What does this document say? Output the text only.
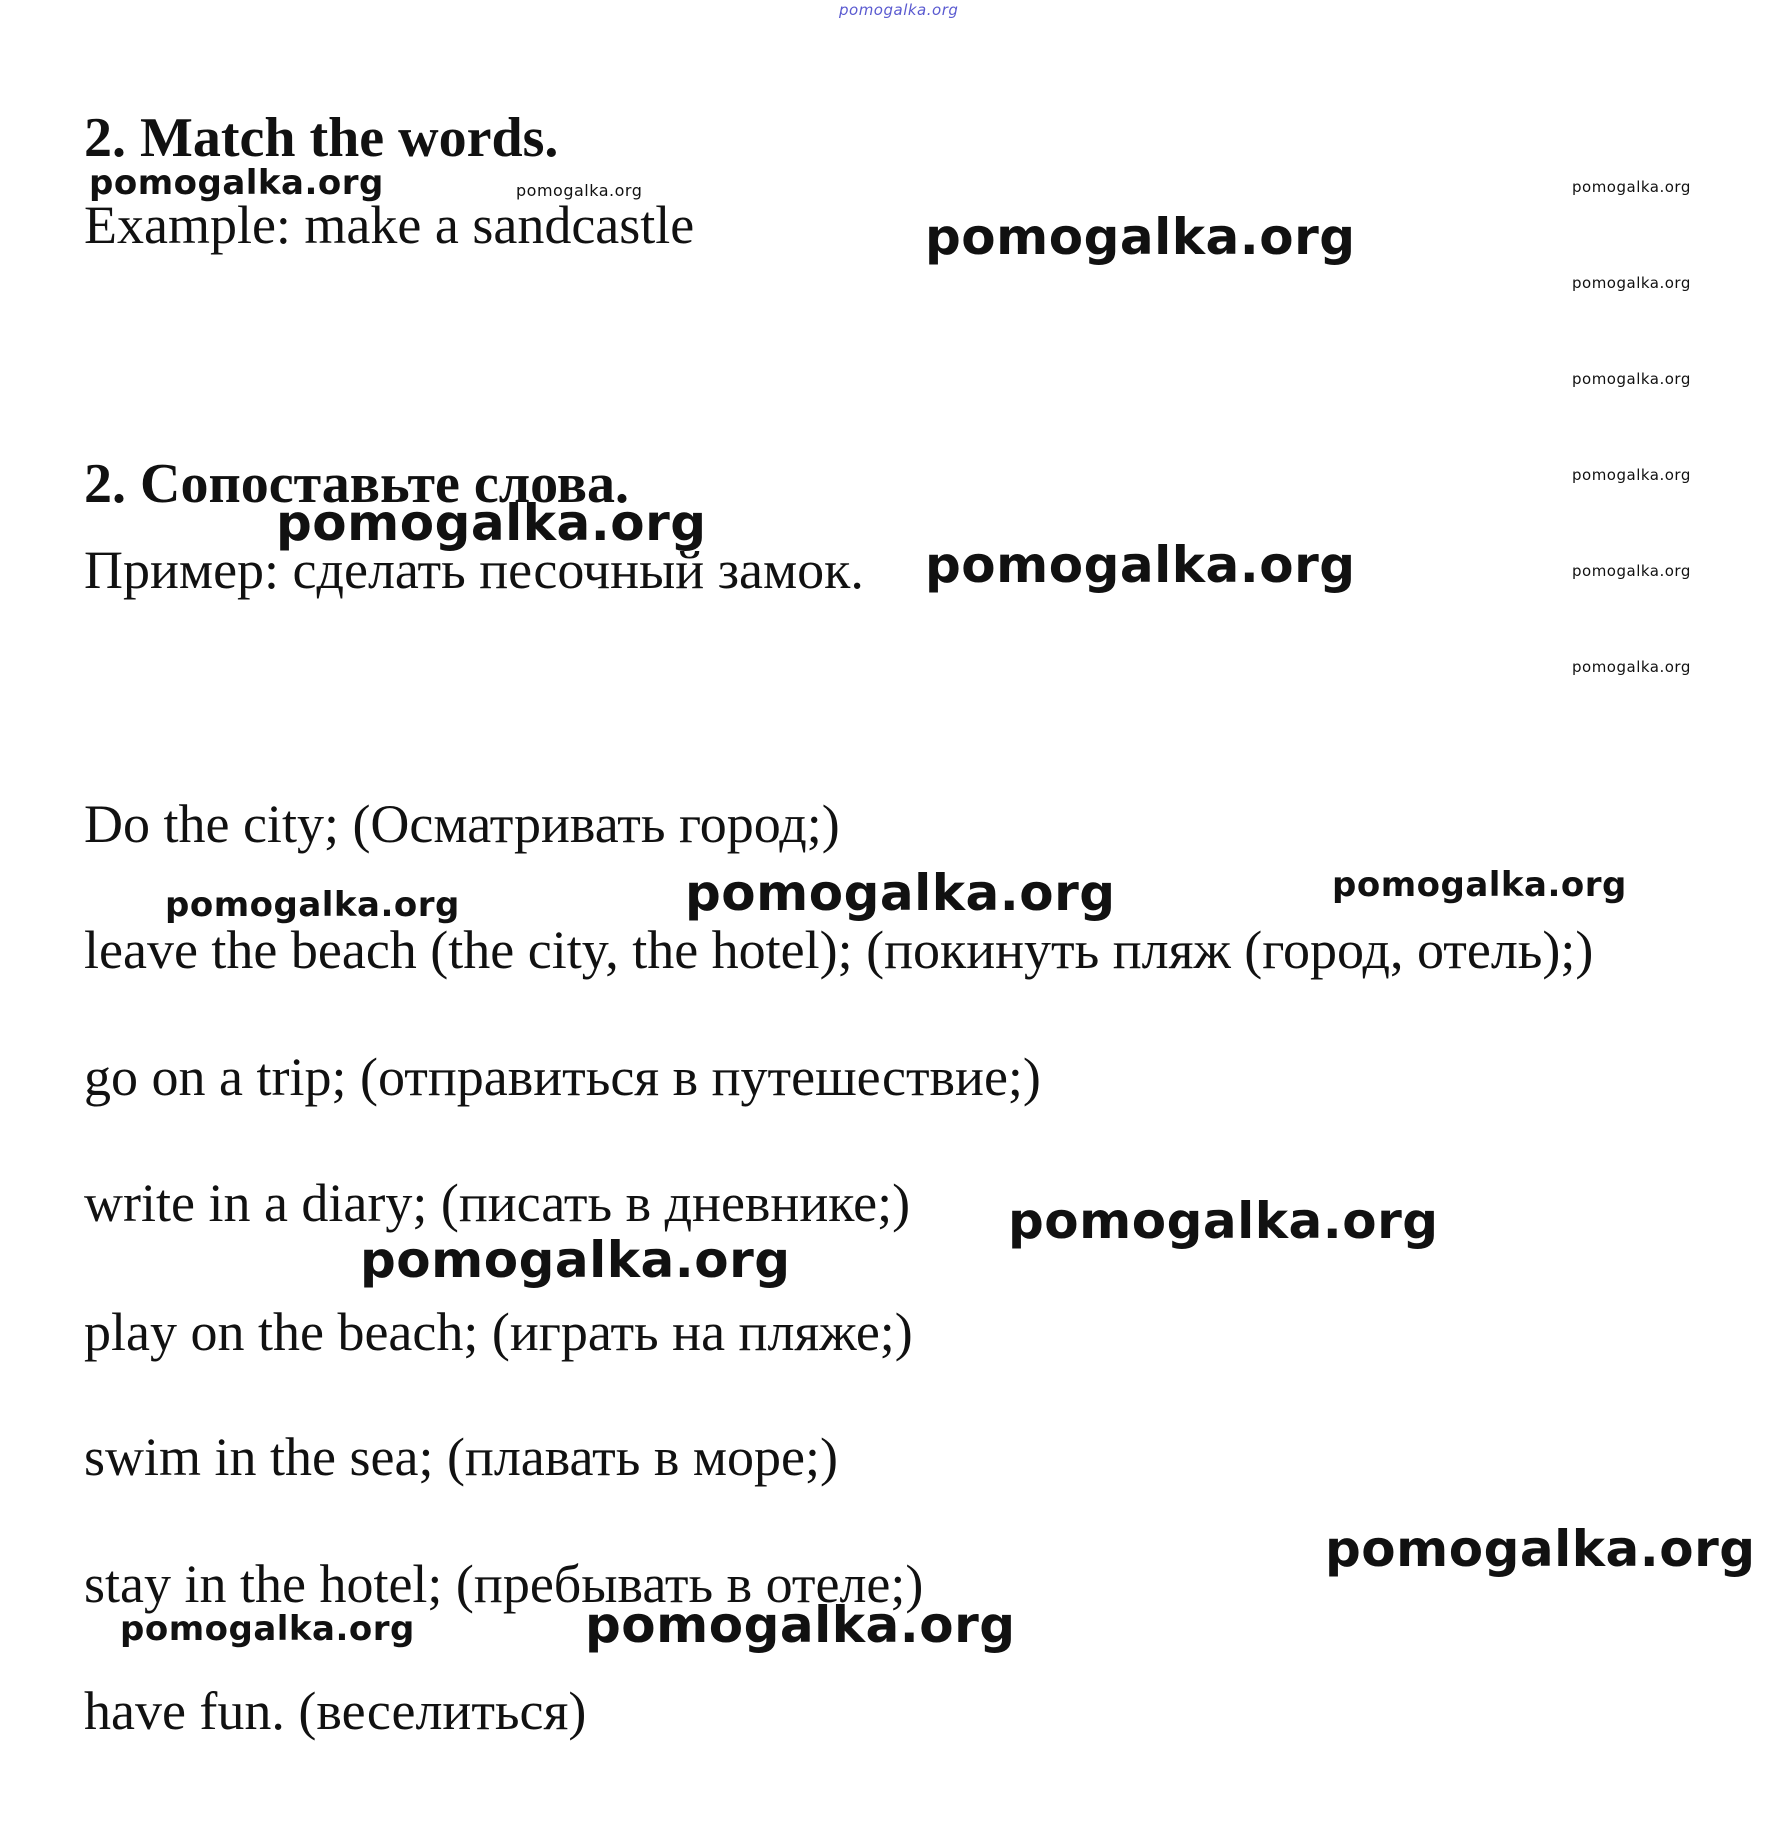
pomogalka.org
2. Match the words.
Example: make a sandcastle
2. Сопоставьте слова.
Пример: сделать песочный замок.
Do the city; (Осматривать город;)
leave the beach (the city, the hotel); (покинуть пляж (город, отель);)
go on a trip; (отправиться в путешествие;)
write in a diary; (писать в дневнике;)
play on the beach; (играть на пляже;)
swim in the sea; (плавать в море;)
stay in the hotel; (пребывать в отеле;)
have fun. (веселиться)
pomogalka.org	pomogalka.org
pomogalka.org
pomogalka.org
pomogalka.org
pomogalka.org
pomogalka.org
pomogalka.org
pomogalka.org
pomogalka.org
pomogalka.org
pomogalka.org	pomogalka.org	pomogalka.org
pomogalka.org
pomogalka.org
pomogalka.org
pomogalka.org	pomogalka.org
